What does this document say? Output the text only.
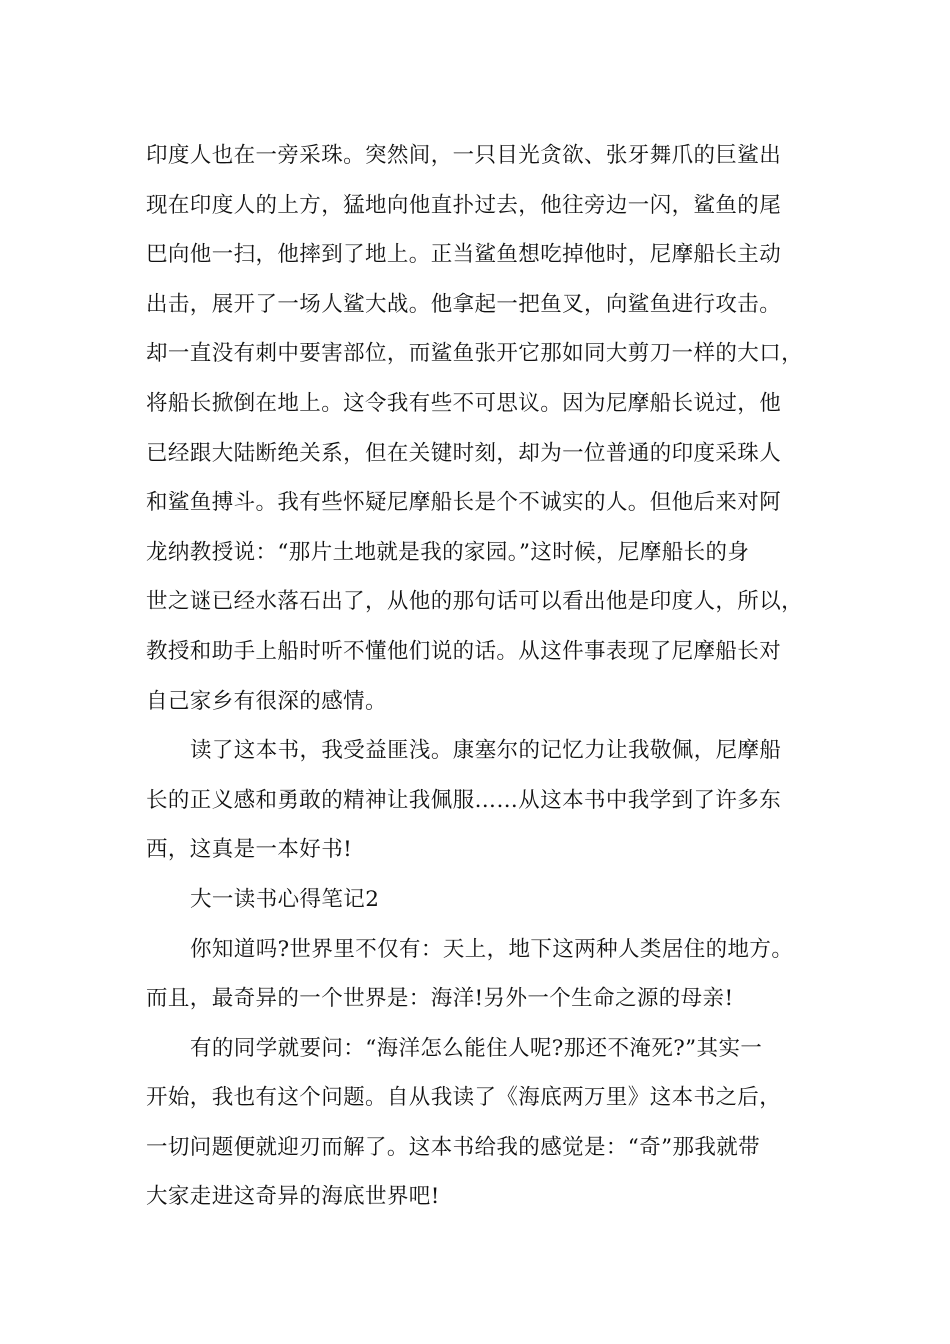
印度人也在一旁采珠。突然间，一只目光贪欲、张牙舞爪的巨鲨出
现在印度人的上方，猛地向他直扑过去，他往旁边一闪，鲨鱼的尾
巴向他一扫，他摔到了地上。正当鲨鱼想吃掉他时，尼摩船长主动
出击，展开了一场人鲨大战。他拿起一把鱼叉，向鲨鱼进行攻击。
却一直没有刺中要害部位，而鲨鱼张开它那如同大剪刀一样的大口，
将船长掀倒在地上。这令我有些不可思议。因为尼摩船长说过，他
已经跟大陆断绝关系，但在关键时刻，却为一位普通的印度采珠人
和鲨鱼搏斗。我有些怀疑尼摩船长是个不诚实的人。但他后来对阿
龙纳教授说：“那片土地就是我的家园。”这时候，尼摩船长的身
世之谜已经水落石出了，从他的那句话可以看出他是印度人，所以，
教授和助手上船时听不懂他们说的话。从这件事表现了尼摩船长对
自己家乡有很深的感情。
读了这本书，我受益匪浅。康塞尔的记忆力让我敬佩，尼摩船
长的正义感和勇敢的精神让我佩服……从这本书中我学到了许多东
西，这真是一本好书!
大一读书心得笔记2
你知道吗?世界里不仅有：天上，地下这两种人类居住的地方。
而且，最奇异的一个世界是：海洋!另外一个生命之源的母亲!
有的同学就要问：“海洋怎么能住人呢?那还不淹死?”其实一
开始，我也有这个问题。自从我读了《海底两万里》这本书之后，
一切问题便就迎刃而解了。这本书给我的感觉是：“奇”那我就带
大家走进这奇异的海底世界吧!
